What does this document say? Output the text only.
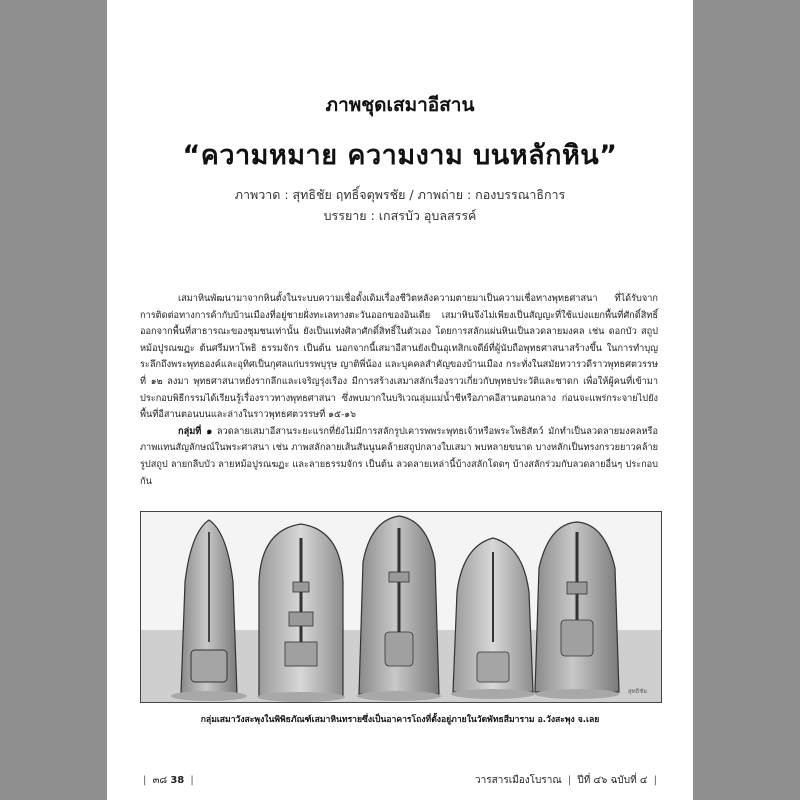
ภาพชุดเสมาอีสาน
“ความหมาย ความงาม บนหลักหิน”
ภาพวาด : สุทธิชัย ฤทธิ์จตุพรชัย / ภาพถ่าย : กองบรรณาธิการ
บรรยาย : เกสรบัว อุบลสรรค์

เสมาหินพัฒนามาจากหินตั้งในระบบความเชื่อดั้งเดิมเรื่องชีวิตหลังความตายมาเป็นความเชื่อทางพุทธศาสนา ที่ได้รับจากการติดต่อทางการค้ากับบ้านเมืองที่อยู่ชายฝั่งทะเลทางตะวันออกของอินเดีย เสมาหินจึงไม่เพียงเป็นสัญญะที่ใช้แบ่งแยกพื้นที่ศักดิ์สิทธิ์ออกจากพื้นที่สาธารณะของชุมชนเท่านั้น ยังเป็นแท่งศิลาศักดิ์สิทธิ์ในตัวเอง โดยการสลักแผ่นหินเป็นลวดลายมงคล เช่น ดอกบัว สถูป หม้อปูรณฆฏะ ต้นศรีมหาโพธิ ธรรมจักร เป็นต้น นอกจากนี้เสมาอีสานยังเป็นอุเทสิกเจดีย์ที่ผู้นับถือพุทธศาสนาสร้างขึ้น ในการทำบุญระลึกถึงพระพุทธองค์และอุทิศเป็นกุศลแก่บรรพบุรุษ ญาติพี่น้อง และบุคคลสำคัญของบ้านเมือง กระทั่งในสมัยทวารวดีราวพุทธศตวรรษที่ ๑๒ ลงมา พุทธศาสนาหยั่งรากลึกและเจริญรุ่งเรือง มีการสร้างเสมาสลักเรื่องราวเกี่ยวกับพุทธประวัติและชาดก เพื่อให้ผู้คนที่เข้ามาประกอบพิธีกรรมได้เรียนรู้เรื่องราวทางพุทธศาสนา ซึ่งพบมากในบริเวณลุ่มแม่น้ำชีหรือภาคอีสานตอนกลาง ก่อนจะแพร่กระจายไปยังพื้นที่อีสานตอนบนและล่างในราวพุทธศตวรรษที่ ๑๕-๑๖

กลุ่มที่ ๑ ลวดลายเสมาอีสานระยะแรกที่ยังไม่มีการสลักรูปเคารพพระพุทธเจ้าหรือพระโพธิสัตว์ มักทำเป็นลวดลายมงคลหรือภาพแทนสัญลักษณ์ในพระศาสนา เช่น ภาพสลักลายเส้นสันนูนคล้ายสถูปกลางใบเสมา พบหลายขนาด บางหลักเป็นทรงกรวยยาวคล้ายรูปสถูป ลายกลีบบัว ลายหม้อปูรณฆฏะ และลายธรรมจักร เป็นต้น ลวดลายเหล่านี้บ้างสลักโดดๆ บ้างสลักร่วมกับลวดลายอื่นๆ ประกอบกัน

สุทธิชัย
กลุ่มเสมาวังสะพุงในพิพิธภัณฑ์เสมาหินทรายซึ่งเป็นอาคารโถงที่ตั้งอยู่ภายในวัดพัทธสีมาราม อ.วังสะพุง จ.เลย
| ๓๘ 38 |	วารสารเมืองโบราณ | ปีที่ ๔๖ ฉบับที่ ๔ |
